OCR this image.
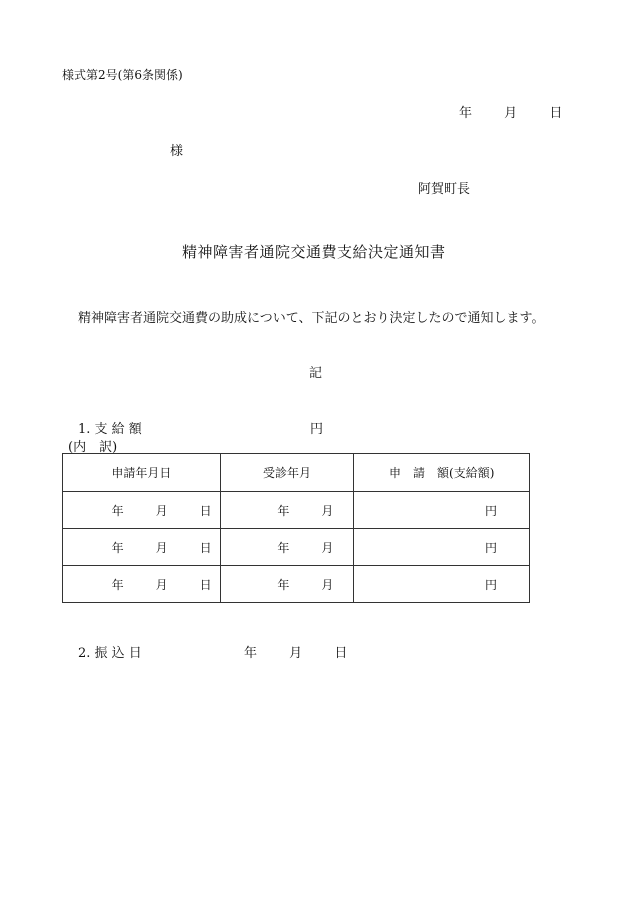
様式第2号(第6条関係)
年 月 日
様
阿賀町長
精神障害者通院交通費支給決定通知書
精神障害者通院交通費の助成について、下記のとおり決定したので通知します。
記
1. 支 給 額	円
(内　訳)
申請年月日	受診年月	申　請　額(支給額)
年 月 日	年 月	円
年 月 日	年 月	円
年 月 日	年 月	円
2. 振 込 日	年 月 日
